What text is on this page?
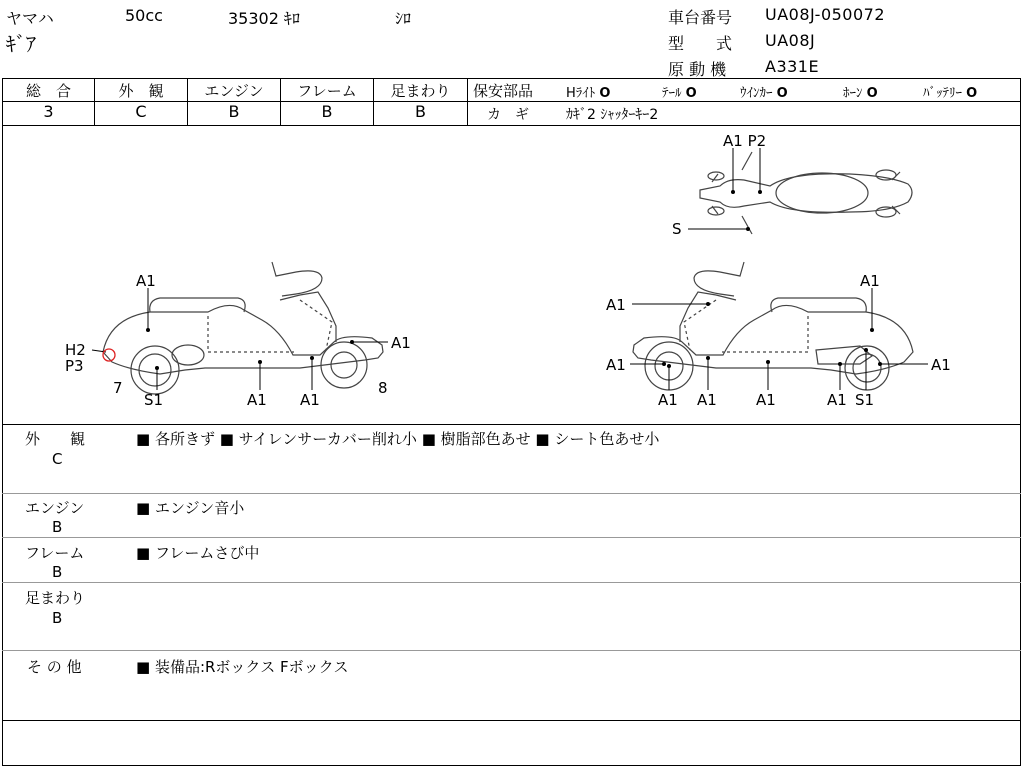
ヤマハ	50cc	35302 ｷﾛ	ｼﾛ
ｷﾞｱ
車台番号 UA08J-050072
型　　式 UA08J
原 動 機 A331E
総　合	外　観	エンジン	フレーム	足まわり
3	C	B	B	B
保安部品	Hﾗｲﾄ O	ﾃｰﾙ O	ｳｲﾝｶｰ O	ﾎｰﾝ O	ﾊﾞｯﾃﾘｰ O
カ　ギ	ｶｷﾞ2 ｼｬｯﾀｰｷｰ2
A1
H2
P3
7
S1	A1 A1
8
A1
A1
A1
A1
A1 A1	A1	A1 S1
A1
A1 P2
S
外　　観
C
■ 各所きず ■ サイレンサーカバー削れ小 ■ 樹脂部色あせ ■ シート色あせ小
エンジン
B
■ エンジン音小
フレーム
B
■ フレームさび中
足まわり
B
そ の 他	■ 装備品:Rボックス Fボックス
